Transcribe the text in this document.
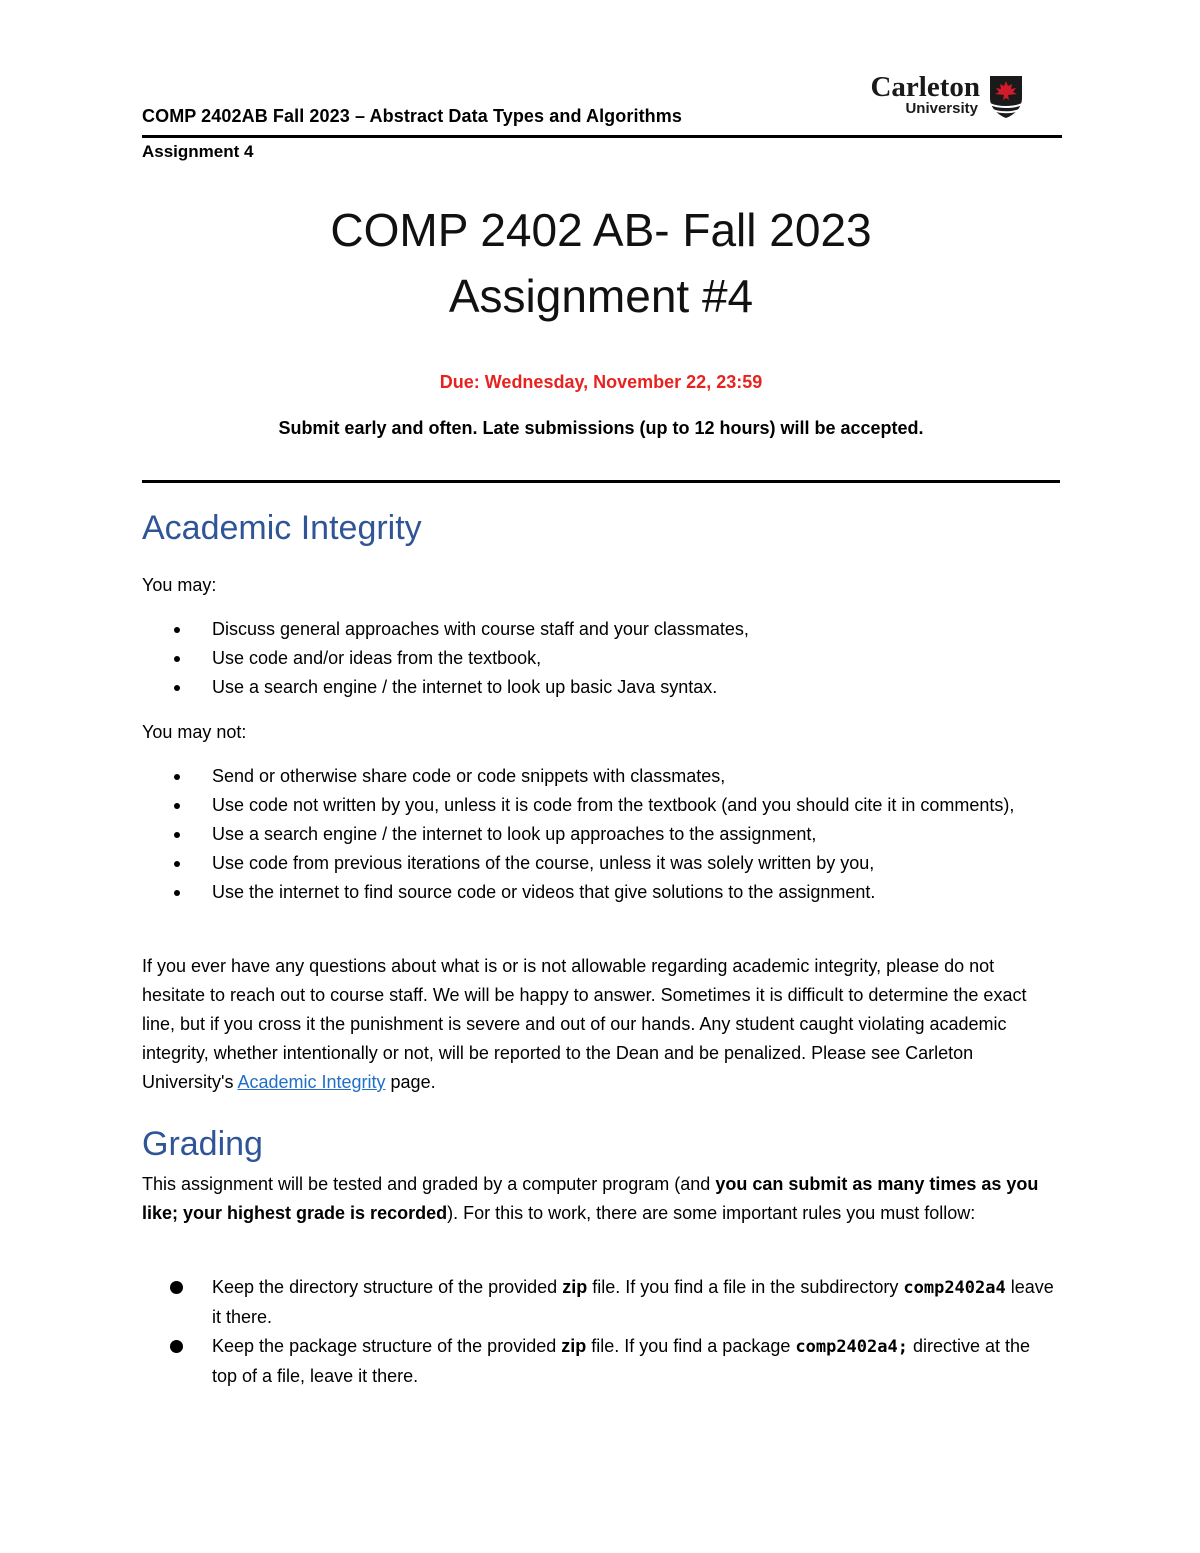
COMP 2402AB Fall 2023 – Abstract Data Types and Algorithms
Carleton
University
Assignment 4
COMP 2402 AB- Fall 2023
Assignment #4
Due: Wednesday, November 22, 23:59
Submit early and often. Late submissions (up to 12 hours) will be accepted.
Academic Integrity
You may:
Discuss general approaches with course staff and your classmates,
Use code and/or ideas from the textbook,
Use a search engine / the internet to look up basic Java syntax.
You may not:
Send or otherwise share code or code snippets with classmates,
Use code not written by you, unless it is code from the textbook (and you should cite it in comments),
Use a search engine / the internet to look up approaches to the assignment,
Use code from previous iterations of the course, unless it was solely written by you,
Use the internet to find source code or videos that give solutions to the assignment.
If you ever have any questions about what is or is not allowable regarding academic integrity, please do not hesitate to reach out to course staff. We will be happy to answer. Sometimes it is difficult to determine the exact line, but if you cross it the punishment is severe and out of our hands. Any student caught violating academic integrity, whether intentionally or not, will be reported to the Dean and be penalized. Please see Carleton University's Academic Integrity page.
Grading
This assignment will be tested and graded by a computer program (and you can submit as many times as you like; your highest grade is recorded). For this to work, there are some important rules you must follow:
Keep the directory structure of the provided zip file. If you find a file in the subdirectory comp2402a4 leave it there.
Keep the package structure of the provided zip file. If you find a package comp2402a4; directive at the top of a file, leave it there.
